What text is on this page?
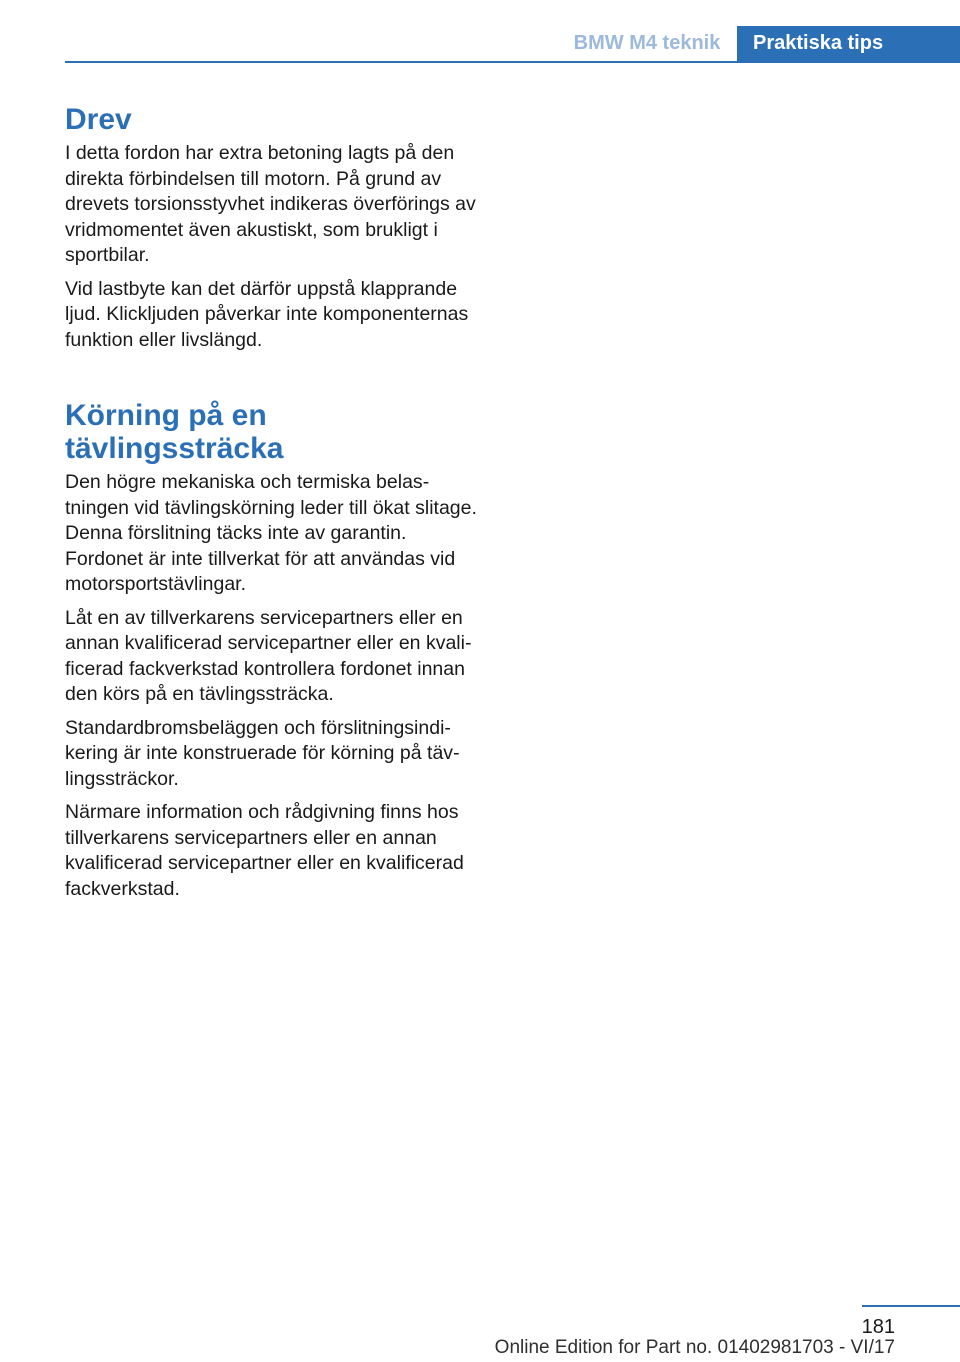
BMW M4 teknik	Praktiska tips
Drev

I detta fordon har extra betoning lagts på den direkta förbindelsen till motorn. På grund av drevets torsionsstyvhet indikeras överförings av vridmomentet även akustiskt, som brukligt i sportbilar.

Vid lastbyte kan det därför uppstå klapprande ljud. Klickljuden påverkar inte komponenternas funktion eller livslängd.

Körning på en
tävlingssträcka

Den högre mekaniska och termiska belastningen vid tävlingskörning leder till ökat slitage. Denna förslitning täcks inte av garantin. Fordonet är inte tillverkat för att användas vid motorsportstävlingar.

Låt en av tillverkarens servicepartners eller en annan kvalificerad servicepartner eller en kvalificerad fackverkstad kontrollera fordonet innan den körs på en tävlingssträcka.

Standardbromsbeläggen och förslitningsindikering är inte konstruerade för körning på tävlingssträckor.

Närmare information och rådgivning finns hos tillverkarens servicepartners eller en annan kvalificerad servicepartner eller en kvalificerad fackverkstad.

181
Online Edition for Part no. 01402981703 - VI/17
